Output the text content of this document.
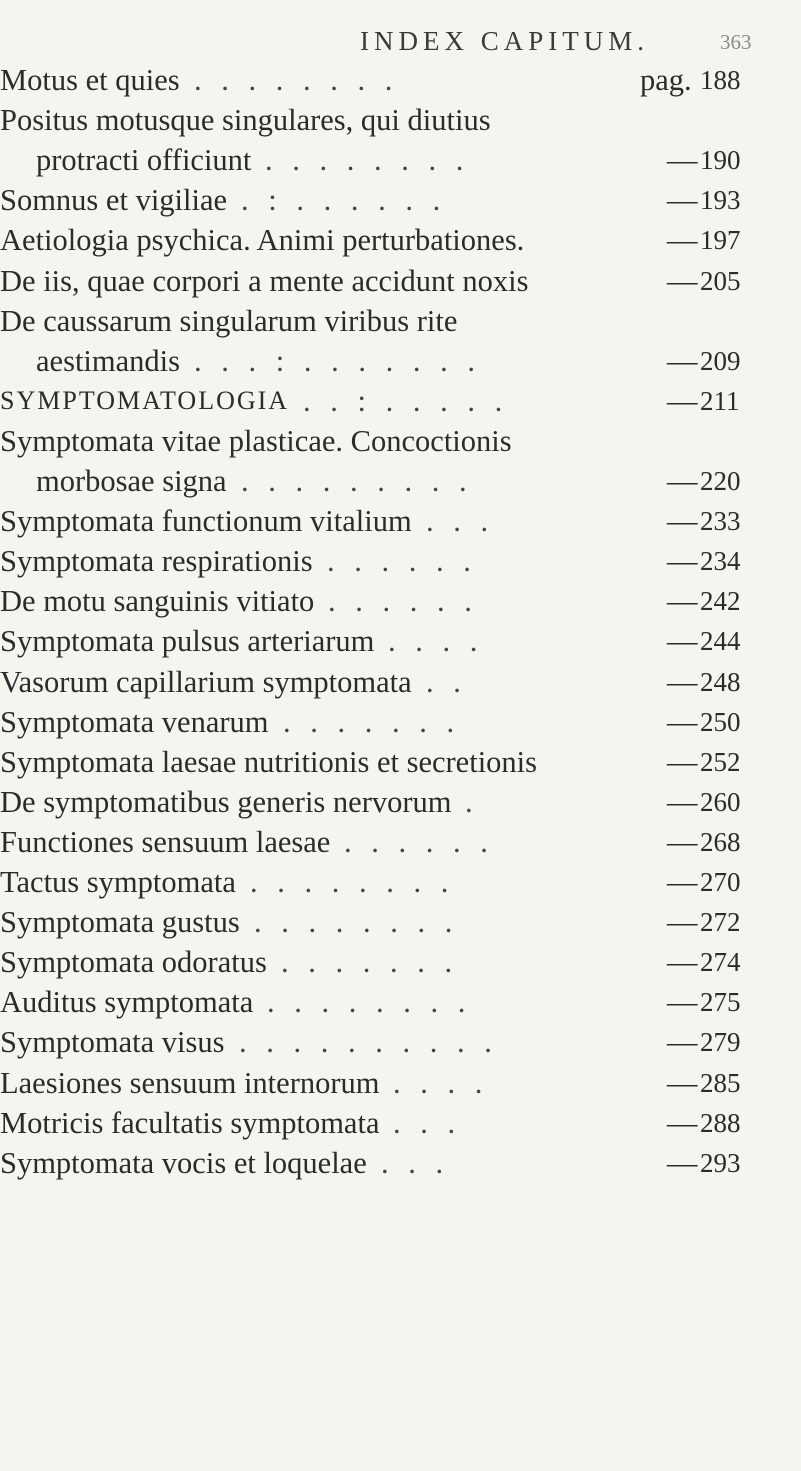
INDEX CAPITUM.	363
Motus et quies . . . . . . . .	pag. 188
Positus motusque singulares, qui diutius
protracti officiunt . . . . . . . .	— 190
Somnus et vigiliae . : . . . . . .	— 193
Aetiologia psychica. Animi perturbationes.	— 197
De iis, quae corpori a mente accidunt noxis	— 205
De caussarum singularum viribus rite
aestimandis . . . : . . . . . . .	— 209
SYMPTOMATOLOGIA . . : . . . . .	— 211
Symptomata vitae plasticae. Concoctionis
morbosae signa . . . . . . . . .	— 220
Symptomata functionum vitalium . . .	— 233
Symptomata respirationis . . . . . .	— 234
De motu sanguinis vitiato . . . . . .	— 242
Symptomata pulsus arteriarum . . . .	— 244
Vasorum capillarium symptomata . .	— 248
Symptomata venarum . . . . . . .	— 250
Symptomata laesae nutritionis et secretionis	— 252
De symptomatibus generis nervorum .	— 260
Functiones sensuum laesae . . . . . .	— 268
Tactus symptomata . . . . . . . .	— 270
Symptomata gustus . . . . . . . .	— 272
Symptomata odoratus . . . . . . .	— 274
Auditus symptomata . . . . . . . .	— 275
Symptomata visus . . . . . . . . . .	— 279
Laesiones sensuum internorum . . . .	— 285
Motricis facultatis symptomata . . .	— 288
Symptomata vocis et loquelae . . .	— 293
